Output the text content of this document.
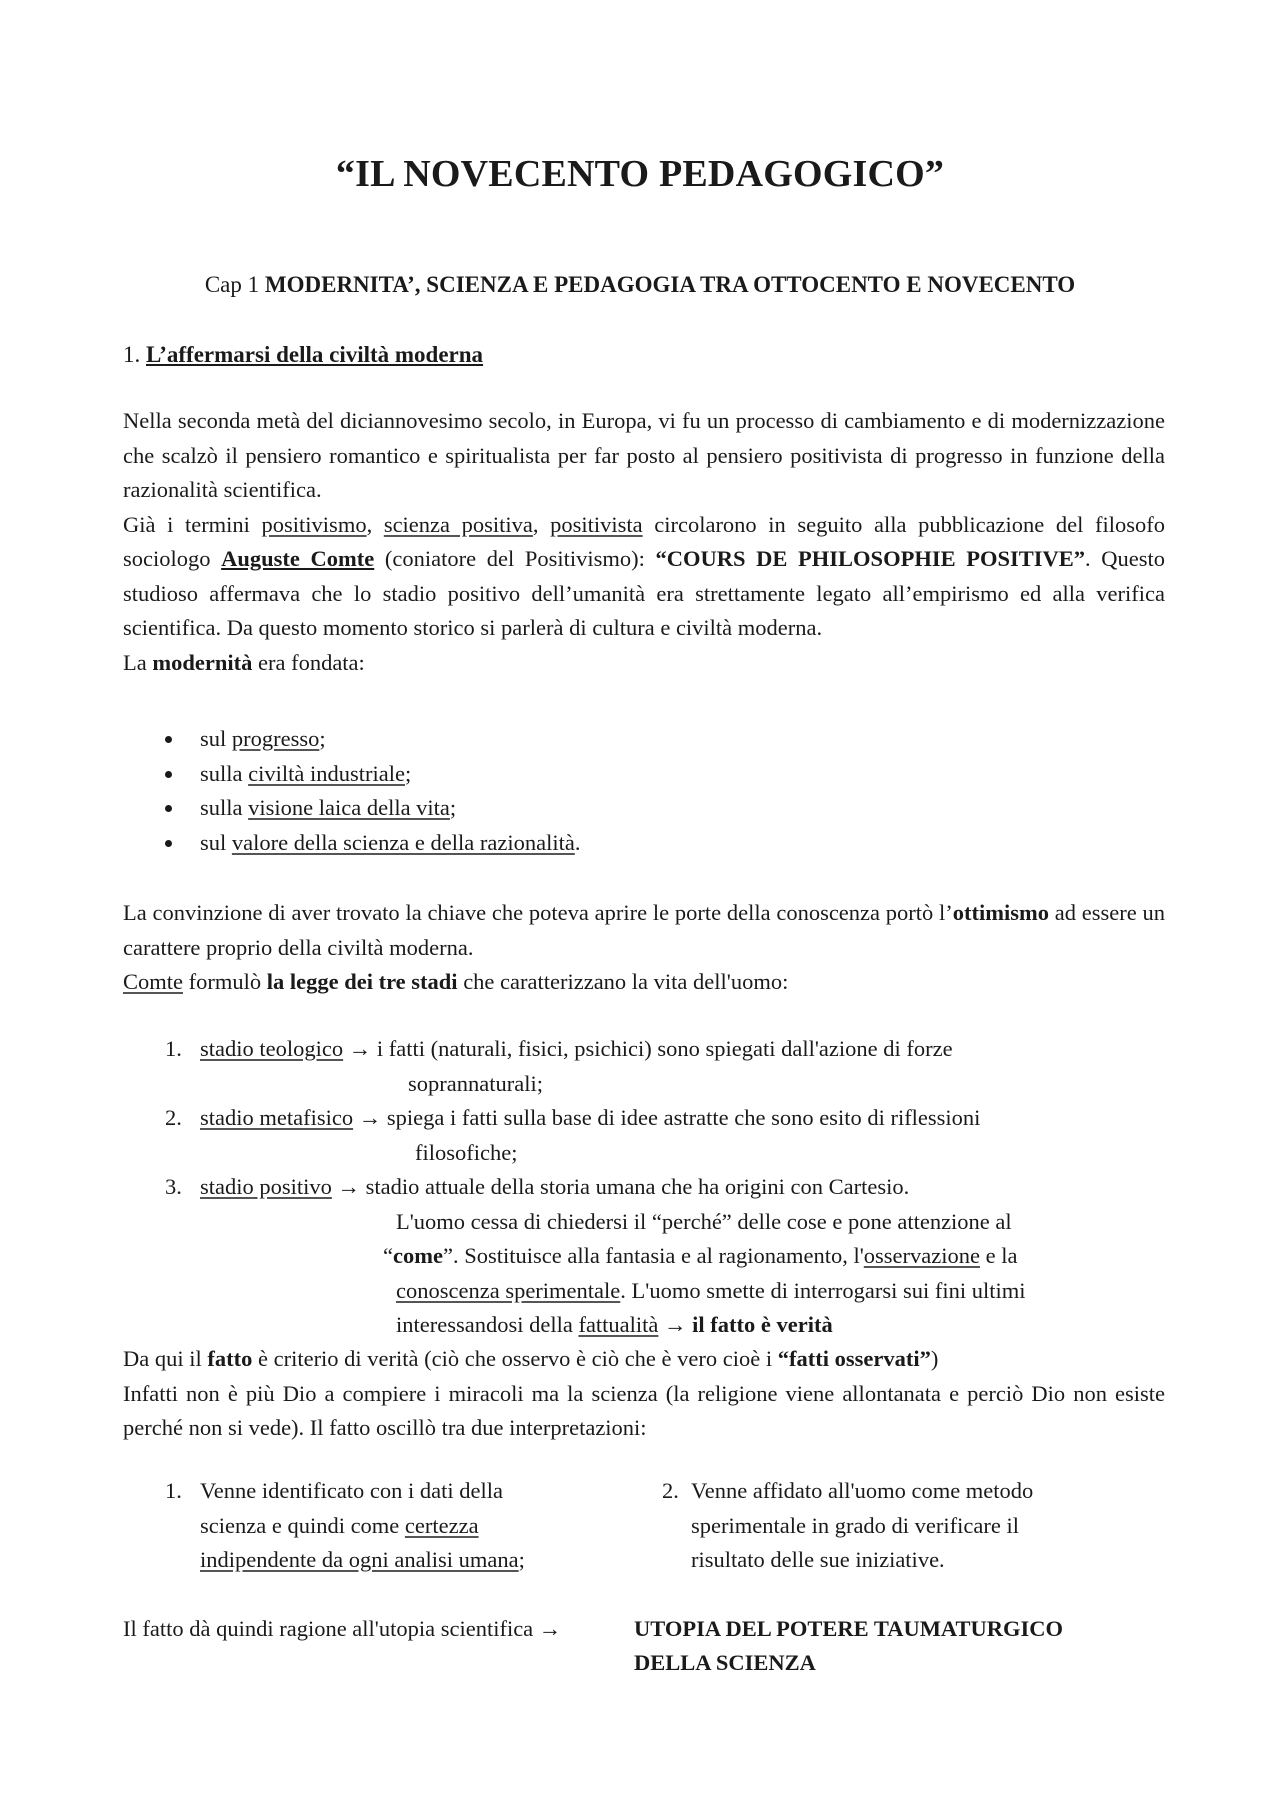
“IL NOVECENTO PEDAGOGICO”
Cap 1 MODERNITA’, SCIENZA E PEDAGOGIA TRA OTTOCENTO E NOVECENTO
1. L’affermarsi della civiltà moderna

Nella seconda metà del diciannovesimo secolo, in Europa, vi fu un processo di cambiamento e di modernizzazione che scalzò il pensiero romantico e spiritualista per far posto al pensiero positivista di progresso in funzione della razionalità scientifica.

Già i termini positivismo, scienza positiva, positivista circolarono in seguito alla pubblicazione del filosofo sociologo Auguste Comte (coniatore del Positivismo): “COURS DE PHILOSOPHIE POSITIVE”. Questo studioso affermava che lo stadio positivo dell’umanità era strettamente legato all’empirismo ed alla verifica scientifica. Da questo momento storico si parlerà di cultura e civiltà moderna.

La modernità era fondata:

sul progresso;
sulla civiltà industriale;
sulla visione laica della vita;
sul valore della scienza e della razionalità.

La convinzione di aver trovato la chiave che poteva aprire le porte della conoscenza portò l’ottimismo ad essere un carattere proprio della civiltà moderna.

Comte formulò la legge dei tre stadi che caratterizzano la vita dell'uomo:

1. stadio teologico → i fatti (naturali, fisici, psichici) sono spiegati dall'azione di forze
soprannaturali;
2. stadio metafisico → spiega i fatti sulla base di idee astratte che sono esito di riflessioni
filosofiche;
3. stadio positivo → stadio attuale della storia umana che ha origini con Cartesio.
L'uomo cessa di chiedersi il “perché” delle cose e pone attenzione al
“come”. Sostituisce alla fantasia e al ragionamento, l'osservazione e la
conoscenza sperimentale. L'uomo smette di interrogarsi sui fini ultimi
interessandosi della fattualità → il fatto è verità

Da qui il fatto è criterio di verità (ciò che osservo è ciò che è vero cioè i “fatti osservati”)

Infatti non è più Dio a compiere i miracoli ma la scienza (la religione viene allontanata e perciò Dio non esiste perché non si vede). Il fatto oscillò tra due interpretazioni:

1. Venne identificato con i dati della
scienza e quindi come certezza
indipendente da ogni analisi umana;
2. Venne affidato all'uomo come metodo
sperimentale in grado di verificare il
risultato delle sue iniziative.
Il fatto dà quindi ragione all'utopia scientifica →	UTOPIA DEL POTERE TAUMATURGICO
DELLA SCIENZA
